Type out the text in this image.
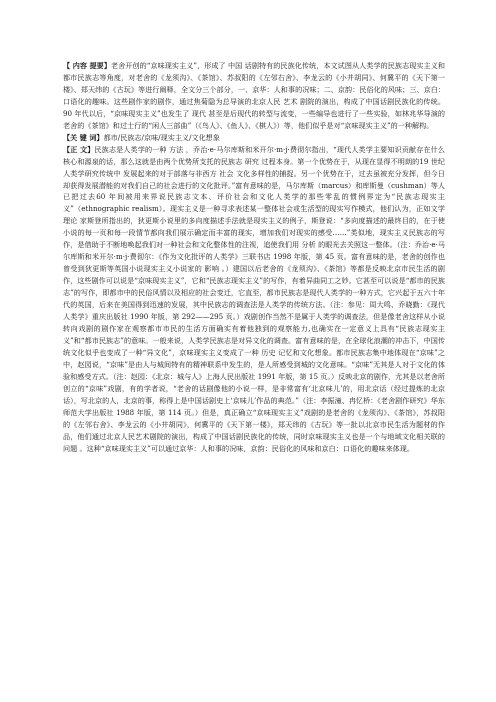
【 内容 提要】老舍开创的“京味现实主义”，形成了 中国 话剧特有的民族化传统，本文试图从人类学的民族志现实主义和都市民族志等角度，对老舍的《龙须沟》、《茶馆》、苏叔阳的《左邻右舍》、李龙云的《小井胡同》、何冀平的《天下第一楼》、郑天纬的《古玩》等进行阐释，全文分三个部分，一、京华：人和事的况味；二、京韵：民俗化的风味；三、京白：口语化的趣味。这些剧作家的剧作，通过焦菊隐为总导演的北京人民 艺术 剧院的演出，构成了中国话剧民族化的传统。90 年代以后，“京味现实主义”也发生了 现代 甚至是后现代的转型与流变，一些编导也进行了一些实验，如林兆华导演的老舍的《茶馆》和过士行的“闲人三部曲”（《鸟人》、《鱼人》、《棋人》）等，他们似乎是对“京味现实主义”的一种解构。

【关 键 词】都市/民族志/京味/现实主义/文化想象

【正 文】民族志是人类学的一种 方法 ，乔治·e·马尔库斯和米开尔·m·j·费彻尔指出，“现代人类学主要知识贡献存在什么核心和源泉的话，那么这就是由两个优势所支托的民族志 研究 过程本身。第一个优势在于，从现在显得不明朗的19 世纪人类学研究传统中 发展起来的对于部落与非西方 社会 文化多样性的捕捉。另一个优势在于，过去虽被充分发挥，但今日却获得发展潜能的对我们自己的社会进行的文化批评。”富有意味的是，马尔库斯（marcus）和库斯曼（cushman）等人已把过去60 年间被用来界说民族志文本、评价社会和文化人类学的那些零乱的惯例界定为“民族志现实主义”（ethnographic realism）。现实主义是一种寻求表述某一整体社会或生活型的现实写作模式，他们认为，正如文学 理论 家斯登所指出的，狄更斯小说里的多向度描述手法就是现实主义的例子，斯登说：“多向度描述的最终目的，在于使小说的每一页和每一段情节都向我们展示确定而丰富的现实，增加我们对现实的感受……”类似地，现实主义民族志的写作，是借助于不断地唤起我们对一种社会和文化整体性的注视，追使我们用 分析 的眼光去关照这一整体。（注：乔治·e·马尔库斯和米开尔·m·j·费彻尔：《作为文化批评的人类学》三联书店 1998 年版，第 45 页。富有意味的是，老舍的创作也曾受到狄更斯等英国小说现实主义小说家的 影响 。）建国以后老舍的《龙须沟》、《茶馆》等都是反映北京市民生活的剧作，这些剧作可以说是“京味现实主义”，它和“民族志现实主义”的写作，有着异曲同工之妙。它甚至可以说是“都市的民族志”的写作，即都市中的民俗风情以及相应的社会变迁，它直至，都市民族志是现代人类学的一种方式，它兴起于五六十年代的英国，后来在美国得到迅速的发展，其中民族志的调查法是人类学的传统方法。（注：参见：周大鸣、乔晓勤：《现代人类学》重庆出版社 1990 年版，第 292——295 页。）戏剧创作当然不是属于人类学的调查法，但是像老舍这样从小说转向戏剧的剧作家在观察都市市民的生活方面确实有着他独到的观察能力,也确实在一定意义上具有“民族志现实主义”和“都市民族志”的意味。一般来说，人类学民族志是对异文化的调查。富有意味的是，在全球化浪潮的冲击下，中国传统文化似乎也变成了一种“异文化”，京味现实主义变成了一种 历史 记忆和文化想象。都市民族志集中地体现在“京味”之中，赵园说，“京味”是由人与城间特有的精神联系中发生的，是人所感受到城的文化意味。“京味”无其是人对于文化的体验和感受方式。（注：赵园：《北京：城与人》上海人民出版社 1991 年版，第 15 页。）反映北京的剧作，尤其是以老舍所创立的“京味”戏剧，有的学者说，“老舍的话剧像他的小说一样，是非常富有‘北京味儿’的，用北京话（经过提炼的北京话），写北京的人，北京的事，称得上是中国话剧史上‘京味儿’作品的典范。”（注：李振潼、冉忆桥：《老舍剧作研究》华东师范大学出版社 1988 年版，第 114 页。）但是，真正确立“京味现实主义”戏剧的是老舍的《龙须沟》、《茶馆》，苏叔阳的《左邻右舍》、李龙云的《小井胡同》，何冀平的《天下第一楼》，郑天纬的《古玩》等一批以北京市民生活为题材的作品，他们通过北京人民艺术剧院的演出，构成了中国话剧民族化的传统，同时京味现实主义也是一个与地域文化相关联的 问题 。这种“京味现实主义”可以通过京华：人和事的况味，京韵：民俗化的风味和京白：口语化的趣味来体现。
